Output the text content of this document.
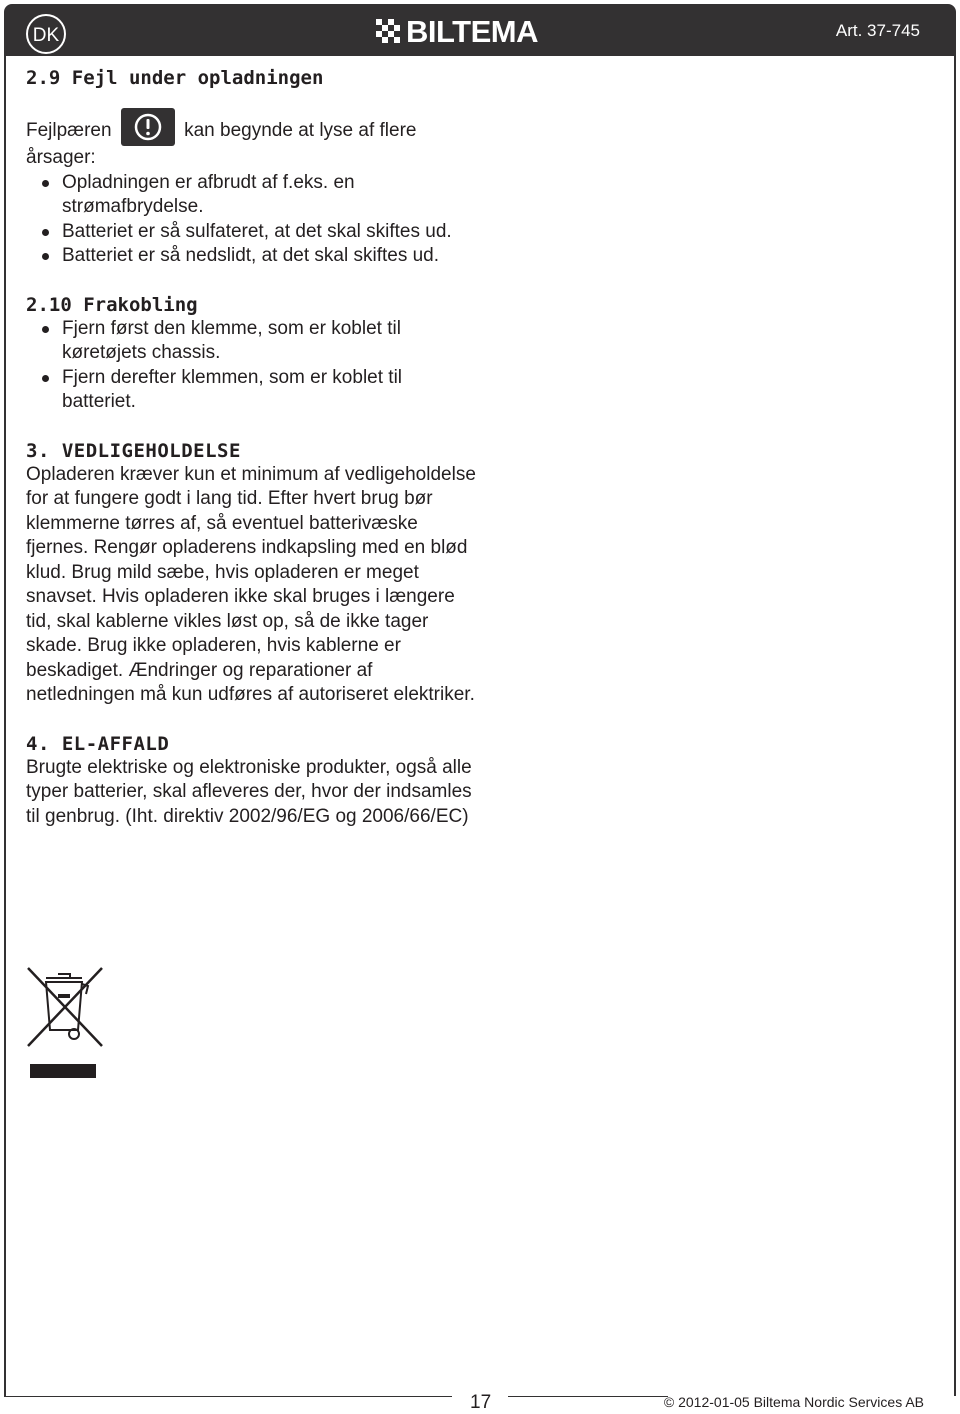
DK	BILTEMA	Art. 37-745
2.9 Fejl under opladningen

Fejlpæren	kan begynde at lyse af flere

årsager:

Opladningen er afbrudt af f.eks. en strømafbrydelse.
Batteriet er så sulfateret, at det skal skiftes ud.
Batteriet er så nedslidt, at det skal skiftes ud.
2.10 Frakobling
Fjern først den klemme, som er koblet til køretøjets chassis.
Fjern derefter klemmen, som er koblet til batteriet.
3. VEDLIGEHOLDELSE

Opladeren kræver kun et minimum af vedligeholdelse for at fungere godt i lang tid. Efter hvert brug bør klemmerne tørres af, så eventuel batterivæske fjernes. Rengør opladerens indkapsling med en blød klud. Brug mild sæbe, hvis opladeren er meget snavset. Hvis opladeren ikke skal bruges i længere tid, skal kablerne vikles løst op, så de ikke tager skade. Brug ikke opladeren, hvis kablerne er beskadiget. Ændringer og reparationer af netledningen må kun udføres af autoriseret elektriker.

4. EL-AFFALD

Brugte elektriske og elektroniske produkter, også alle typer batterier, skal afleveres der, hvor der indsamles til genbrug. (Iht. direktiv 2002/96/EG og 2006/66/EC)

17	© 2012-01-05 Biltema Nordic Services AB
